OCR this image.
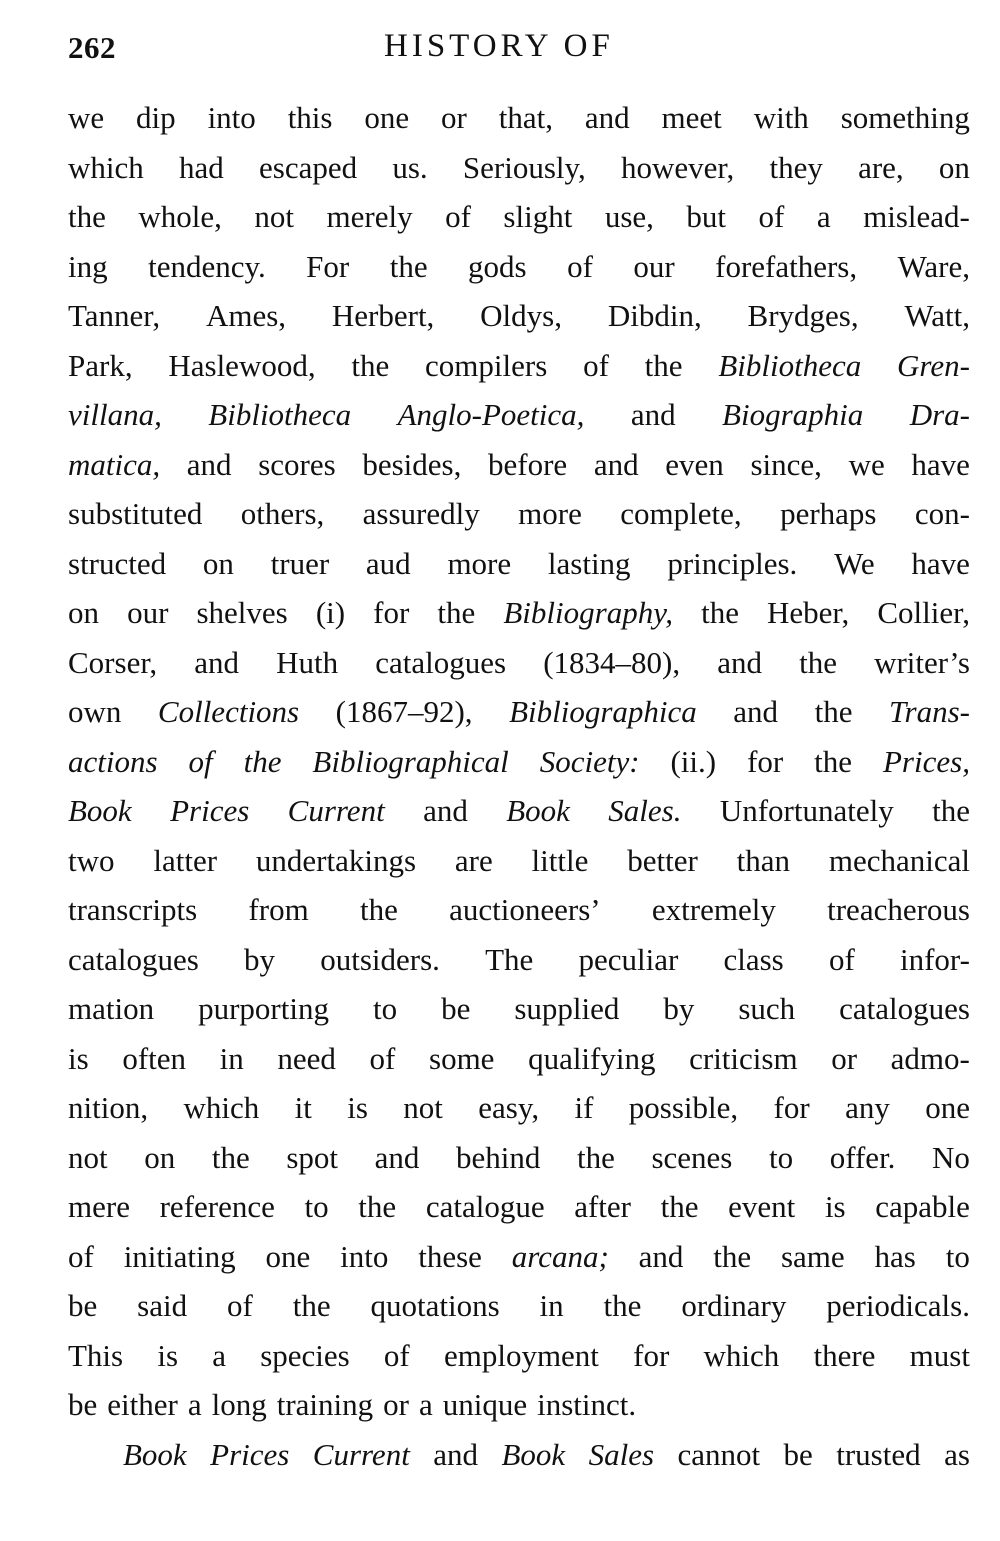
262	HISTORY OF
we dip into this one or that, and meet with something
which had escaped us. Seriously, however, they are, on
the whole, not merely of slight use, but of a mislead-
ing tendency. For the gods of our forefathers, Ware,
Tanner, Ames, Herbert, Oldys, Dibdin, Brydges, Watt,
Park, Haslewood, the compilers of the Bibliotheca Gren-
villana, Bibliotheca Anglo-Poetica, and Biographia Dra-
matica, and scores besides, before and even since, we have
substituted others, assuredly more complete, perhaps con-
structed on truer aud more lasting principles. We have
on our shelves (i) for the Bibliography, the Heber, Collier,
Corser, and Huth catalogues (1834–80), and the writer’s
own Collections (1867–92), Bibliographica and the Trans-
actions of the Bibliographical Society: (ii.) for the Prices,
Book Prices Current and Book Sales. Unfortunately the
two latter undertakings are little better than mechanical
transcripts from the auctioneers’ extremely treacherous
catalogues by outsiders. The peculiar class of infor-
mation purporting to be supplied by such catalogues
is often in need of some qualifying criticism or admo-
nition, which it is not easy, if possible, for any one
not on the spot and behind the scenes to offer. No
mere reference to the catalogue after the event is capable
of initiating one into these arcana; and the same has to
be said of the quotations in the ordinary periodicals.
This is a species of employment for which there must
be either a long training or a unique instinct.
Book Prices Current and Book Sales cannot be trusted as
